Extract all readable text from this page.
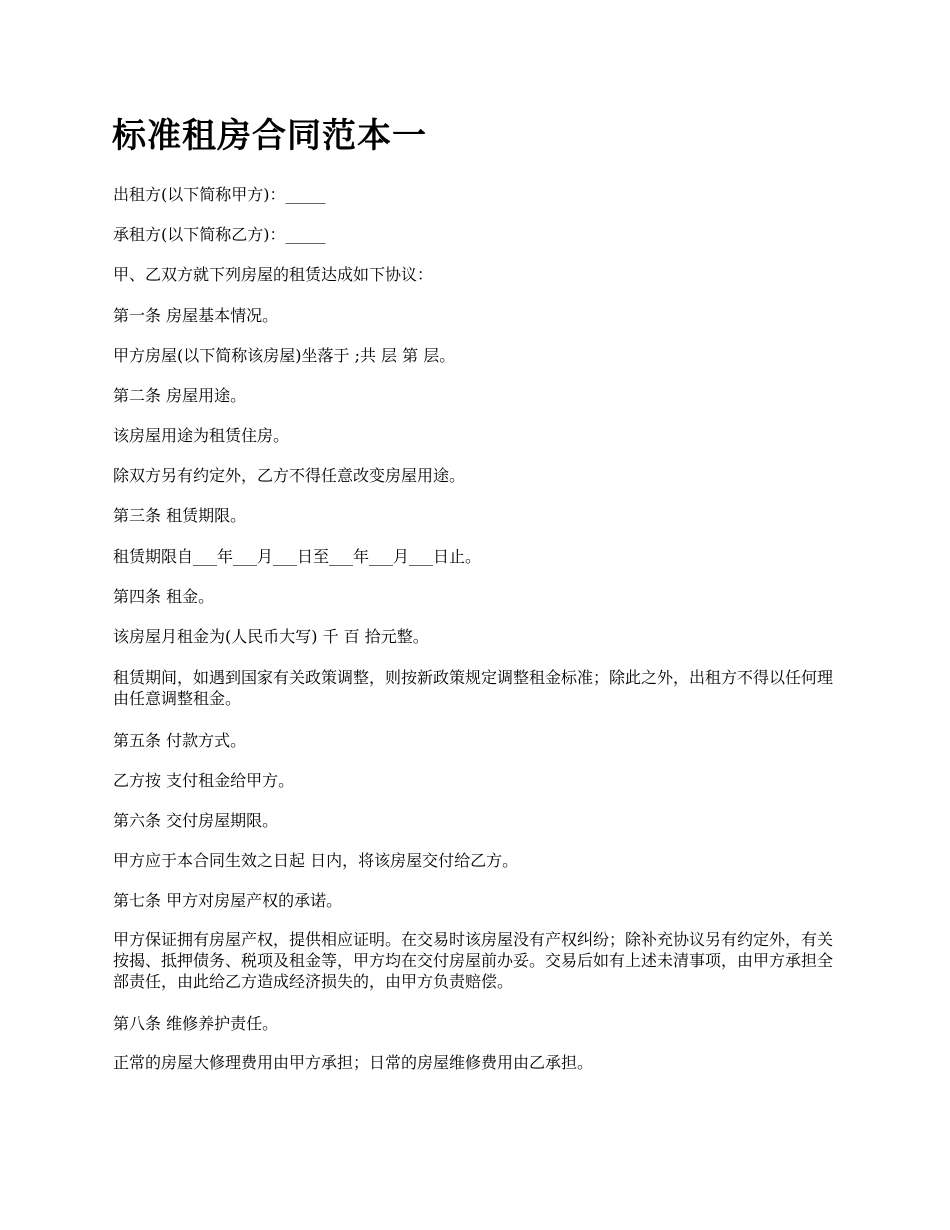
标准租房合同范本一

出租方(以下简称甲方)：_____

承租方(以下简称乙方)：_____

甲、乙双方就下列房屋的租赁达成如下协议：

第一条 房屋基本情况。

甲方房屋(以下简称该房屋)坐落于 ;共 层 第 层。

第二条 房屋用途。

该房屋用途为租赁住房。

除双方另有约定外，乙方不得任意改变房屋用途。

第三条 租赁期限。

租赁期限自___年___月___日至___年___月___日止。

第四条 租金。

该房屋月租金为(人民币大写) 千 百 拾元整。

租赁期间，如遇到国家有关政策调整，则按新政策规定调整租金标准；除此之外，出租方不得以任何理由任意调整租金。

第五条 付款方式。

乙方按 支付租金给甲方。

第六条 交付房屋期限。

甲方应于本合同生效之日起 日内，将该房屋交付给乙方。

第七条 甲方对房屋产权的承诺。

甲方保证拥有房屋产权，提供相应证明。在交易时该房屋没有产权纠纷；除补充协议另有约定外，有关按揭、抵押债务、税项及租金等，甲方均在交付房屋前办妥。交易后如有上述未清事项，由甲方承担全部责任，由此给乙方造成经济损失的，由甲方负责赔偿。

第八条 维修养护责任。

正常的房屋大修理费用由甲方承担；日常的房屋维修费用由乙承担。
